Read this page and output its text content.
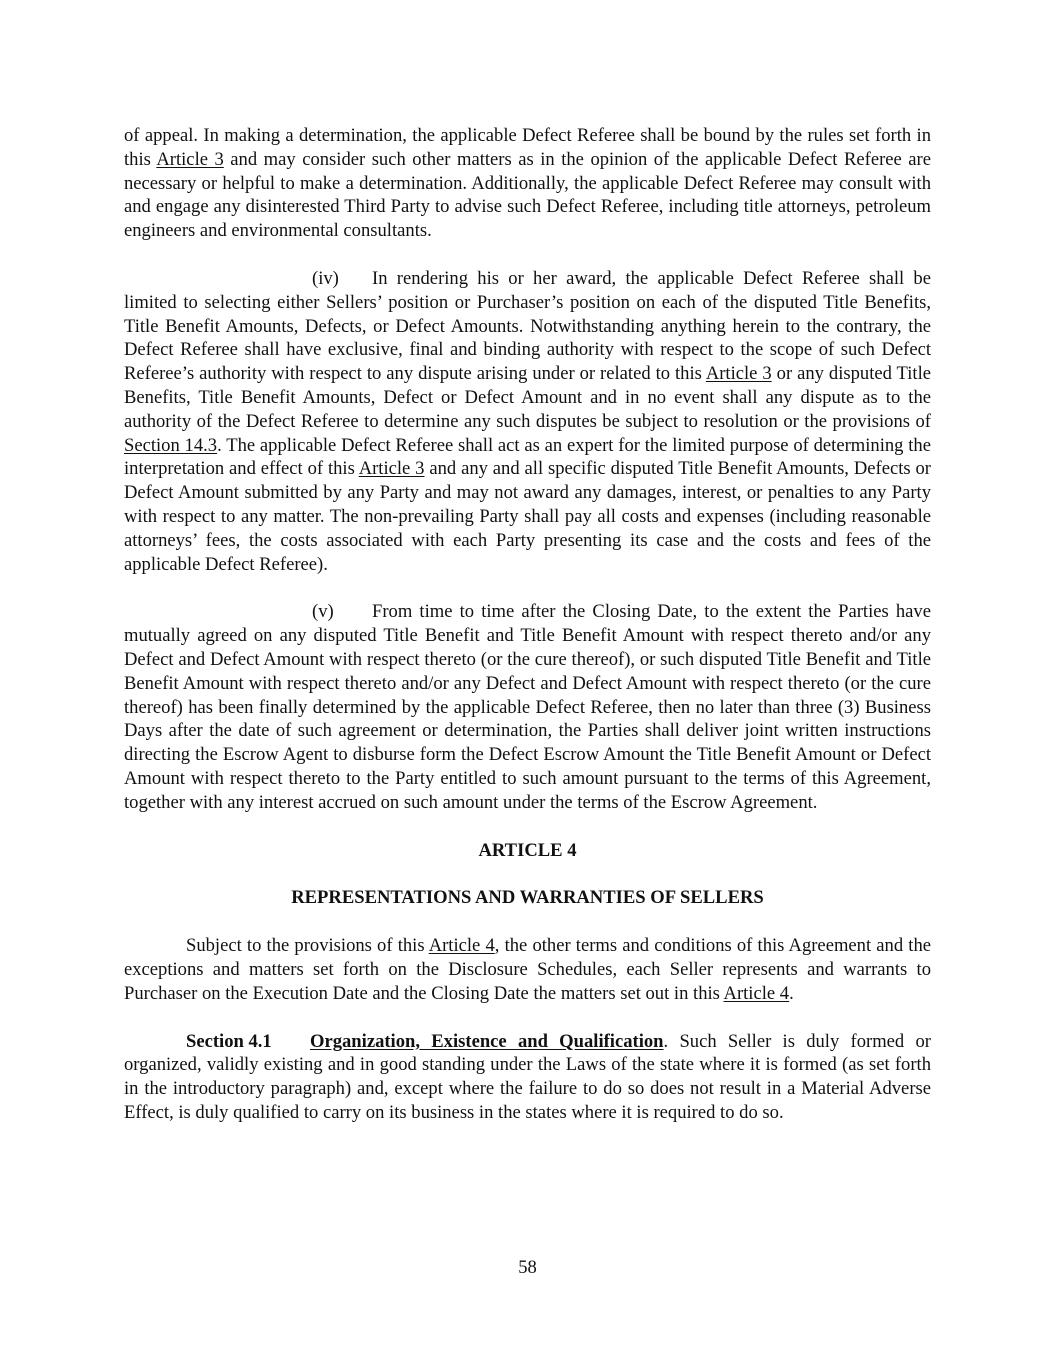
of appeal. In making a determination, the applicable Defect Referee shall be bound by the rules set forth in this Article 3 and may consider such other matters as in the opinion of the applicable Defect Referee are necessary or helpful to make a determination. Additionally, the applicable Defect Referee may consult with and engage any disinterested Third Party to advise such Defect Referee, including title attorneys, petroleum engineers and environmental consultants.

(iv) In rendering his or her award, the applicable Defect Referee shall be limited to selecting either Sellers’ position or Purchaser’s position on each of the disputed Title Benefits, Title Benefit Amounts, Defects, or Defect Amounts. Notwithstanding anything herein to the contrary, the Defect Referee shall have exclusive, final and binding authority with respect to the scope of such Defect Referee’s authority with respect to any dispute arising under or related to this Article 3 or any disputed Title Benefits, Title Benefit Amounts, Defect or Defect Amount and in no event shall any dispute as to the authority of the Defect Referee to determine any such disputes be subject to resolution or the provisions of Section 14.3. The applicable Defect Referee shall act as an expert for the limited purpose of determining the interpretation and effect of this Article 3 and any and all specific disputed Title Benefit Amounts, Defects or Defect Amount submitted by any Party and may not award any damages, interest, or penalties to any Party with respect to any matter. The non-prevailing Party shall pay all costs and expenses (including reasonable attorneys’ fees, the costs associated with each Party presenting its case and the costs and fees of the applicable Defect Referee).

(v) From time to time after the Closing Date, to the extent the Parties have mutually agreed on any disputed Title Benefit and Title Benefit Amount with respect thereto and/or any Defect and Defect Amount with respect thereto (or the cure thereof), or such disputed Title Benefit and Title Benefit Amount with respect thereto and/or any Defect and Defect Amount with respect thereto (or the cure thereof) has been finally determined by the applicable Defect Referee, then no later than three (3) Business Days after the date of such agreement or determination, the Parties shall deliver joint written instructions directing the Escrow Agent to disburse form the Defect Escrow Amount the Title Benefit Amount or Defect Amount with respect thereto to the Party entitled to such amount pursuant to the terms of this Agreement, together with any interest accrued on such amount under the terms of the Escrow Agreement.

ARTICLE 4
REPRESENTATIONS AND WARRANTIES OF SELLERS

Subject to the provisions of this Article 4, the other terms and conditions of this Agreement and the exceptions and matters set forth on the Disclosure Schedules, each Seller represents and warrants to Purchaser on the Execution Date and the Closing Date the matters set out in this Article 4.

Section 4.1 Organization, Existence and Qualification. Such Seller is duly formed or organized, validly existing and in good standing under the Laws of the state where it is formed (as set forth in the introductory paragraph) and, except where the failure to do so does not result in a Material Adverse Effect, is duly qualified to carry on its business in the states where it is required to do so.

58
